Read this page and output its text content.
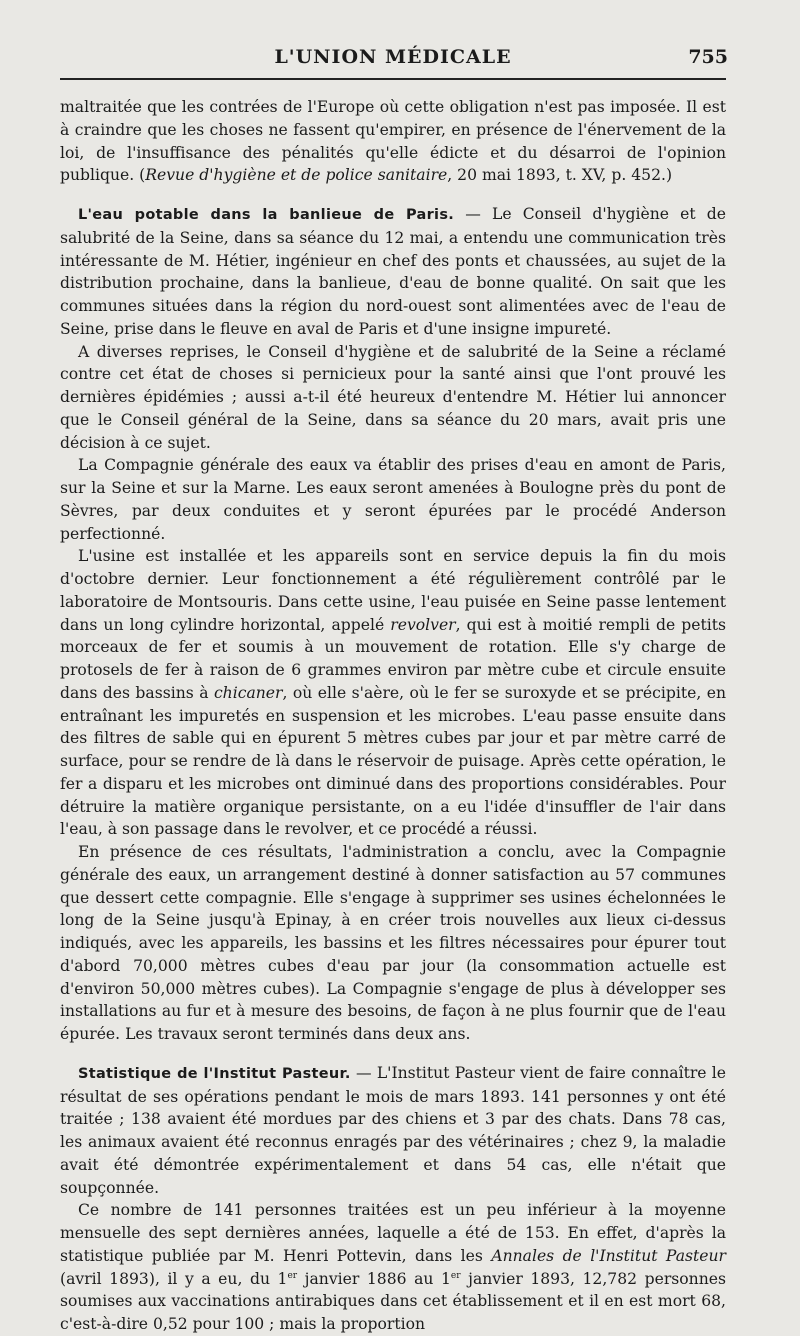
L'UNION MÉDICALE	755

maltraitée que les contrées de l'Europe où cette obligation n'est pas imposée. Il est à craindre que les choses ne fassent qu'empirer, en présence de l'énervement de la loi, de l'insuffisance des pénalités qu'elle édicte et du désarroi de l'opinion publique. (Revue d'hygiène et de police sanitaire, 20 mai 1893, t. XV, p. 452.)

L'eau potable dans la banlieue de Paris. — Le Conseil d'hygiène et de salubrité de la Seine, dans sa séance du 12 mai, a entendu une communication très intéressante de M. Hétier, ingénieur en chef des ponts et chaussées, au sujet de la distribution prochaine, dans la banlieue, d'eau de bonne qualité. On sait que les communes situées dans la région du nord-ouest sont alimentées avec de l'eau de Seine, prise dans le fleuve en aval de Paris et d'une insigne impureté.

A diverses reprises, le Conseil d'hygiène et de salubrité de la Seine a réclamé contre cet état de choses si pernicieux pour la santé ainsi que l'ont prouvé les dernières épidémies ; aussi a-t-il été heureux d'entendre M. Hétier lui annoncer que le Conseil général de la Seine, dans sa séance du 20 mars, avait pris une décision à ce sujet.

La Compagnie générale des eaux va établir des prises d'eau en amont de Paris, sur la Seine et sur la Marne. Les eaux seront amenées à Boulogne près du pont de Sèvres, par deux conduites et y seront épurées par le procédé Anderson perfectionné.

L'usine est installée et les appareils sont en service depuis la fin du mois d'octobre dernier. Leur fonctionnement a été régulièrement contrôlé par le laboratoire de Montsouris. Dans cette usine, l'eau puisée en Seine passe lentement dans un long cylindre horizontal, appelé revolver, qui est à moitié rempli de petits morceaux de fer et soumis à un mouvement de rotation. Elle s'y charge de protosels de fer à raison de 6 grammes environ par mètre cube et circule ensuite dans des bassins à chicaner, où elle s'aère, où le fer se suroxyde et se précipite, en entraînant les impuretés en suspension et les microbes. L'eau passe ensuite dans des filtres de sable qui en épurent 5 mètres cubes par jour et par mètre carré de surface, pour se rendre de là dans le réservoir de puisage. Après cette opération, le fer a disparu et les microbes ont diminué dans des proportions considérables. Pour détruire la matière organique persistante, on a eu l'idée d'insuffler de l'air dans l'eau, à son passage dans le revolver, et ce procédé a réussi.

En présence de ces résultats, l'administration a conclu, avec la Compagnie générale des eaux, un arrangement destiné à donner satisfaction au 57 communes que dessert cette compagnie. Elle s'engage à supprimer ses usines échelonnées le long de la Seine jusqu'à Epinay, à en créer trois nouvelles aux lieux ci-dessus indiqués, avec les appareils, les bassins et les filtres nécessaires pour épurer tout d'abord 70,000 mètres cubes d'eau par jour (la consommation actuelle est d'environ 50,000 mètres cubes). La Compagnie s'engage de plus à développer ses installations au fur et à mesure des besoins, de façon à ne plus fournir que de l'eau épurée. Les travaux seront terminés dans deux ans.

Statistique de l'Institut Pasteur. — L'Institut Pasteur vient de faire connaître le résultat de ses opérations pendant le mois de mars 1893. 141 personnes y ont été traitée ; 138 avaient été mordues par des chiens et 3 par des chats. Dans 78 cas, les animaux avaient été reconnus enragés par des vétérinaires ; chez 9, la maladie avait été démontrée expérimentalement et dans 54 cas, elle n'était que soupçonnée.

Ce nombre de 141 personnes traitées est un peu inférieur à la moyenne mensuelle des sept dernières années, laquelle a été de 153. En effet, d'après la statistique publiée par M. Henri Pottevin, dans les Annales de l'Institut Pasteur (avril 1893), il y a eu, du 1er janvier 1886 au 1er janvier 1893, 12,782 personnes soumises aux vaccinations antirabiques dans cet établissement et il en est mort 68, c'est-à-dire 0,52 pour 100 ; mais la proportion
